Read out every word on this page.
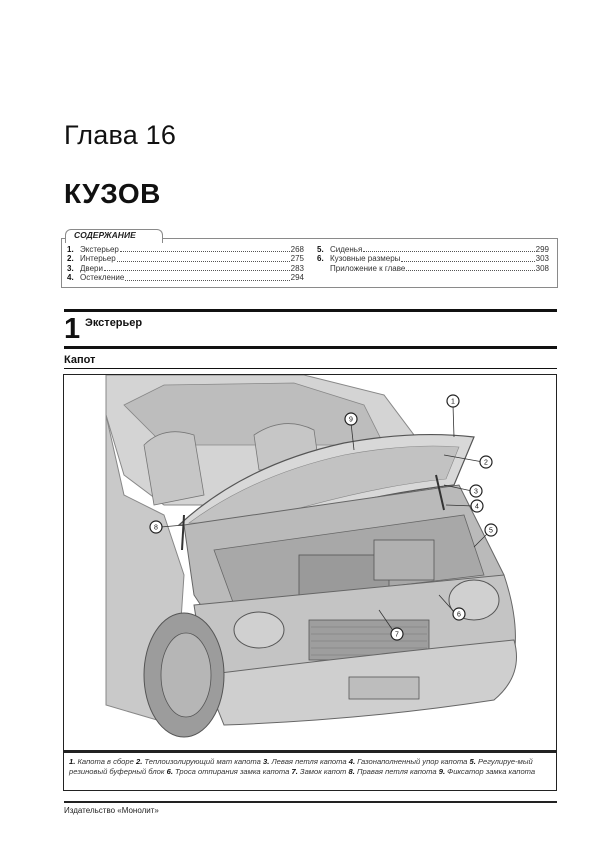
Глава 16
КУЗОВ
1. Экстерьер	268
2. Интерьер	275
3. Двери	283
4. Остекление	294
5. Сиденья	299
6. Кузовные размеры	303
Приложение к главе	308
СОДЕРЖАНИЕ
1 Экстерьер
Капот
1
2
3
4
5
6
7
8
9
1. Капота в сборе 2. Теплоизолирующий мат капота 3. Левая петля капота 4. Газонаполненный упор капота 5. Регулируе-мый резиновый буферный блок 6. Троса отпирания замка капота 7. Замок капот 8. Правая петля капота 9. Фиксатор замка капота
Издательство «Монолит»
